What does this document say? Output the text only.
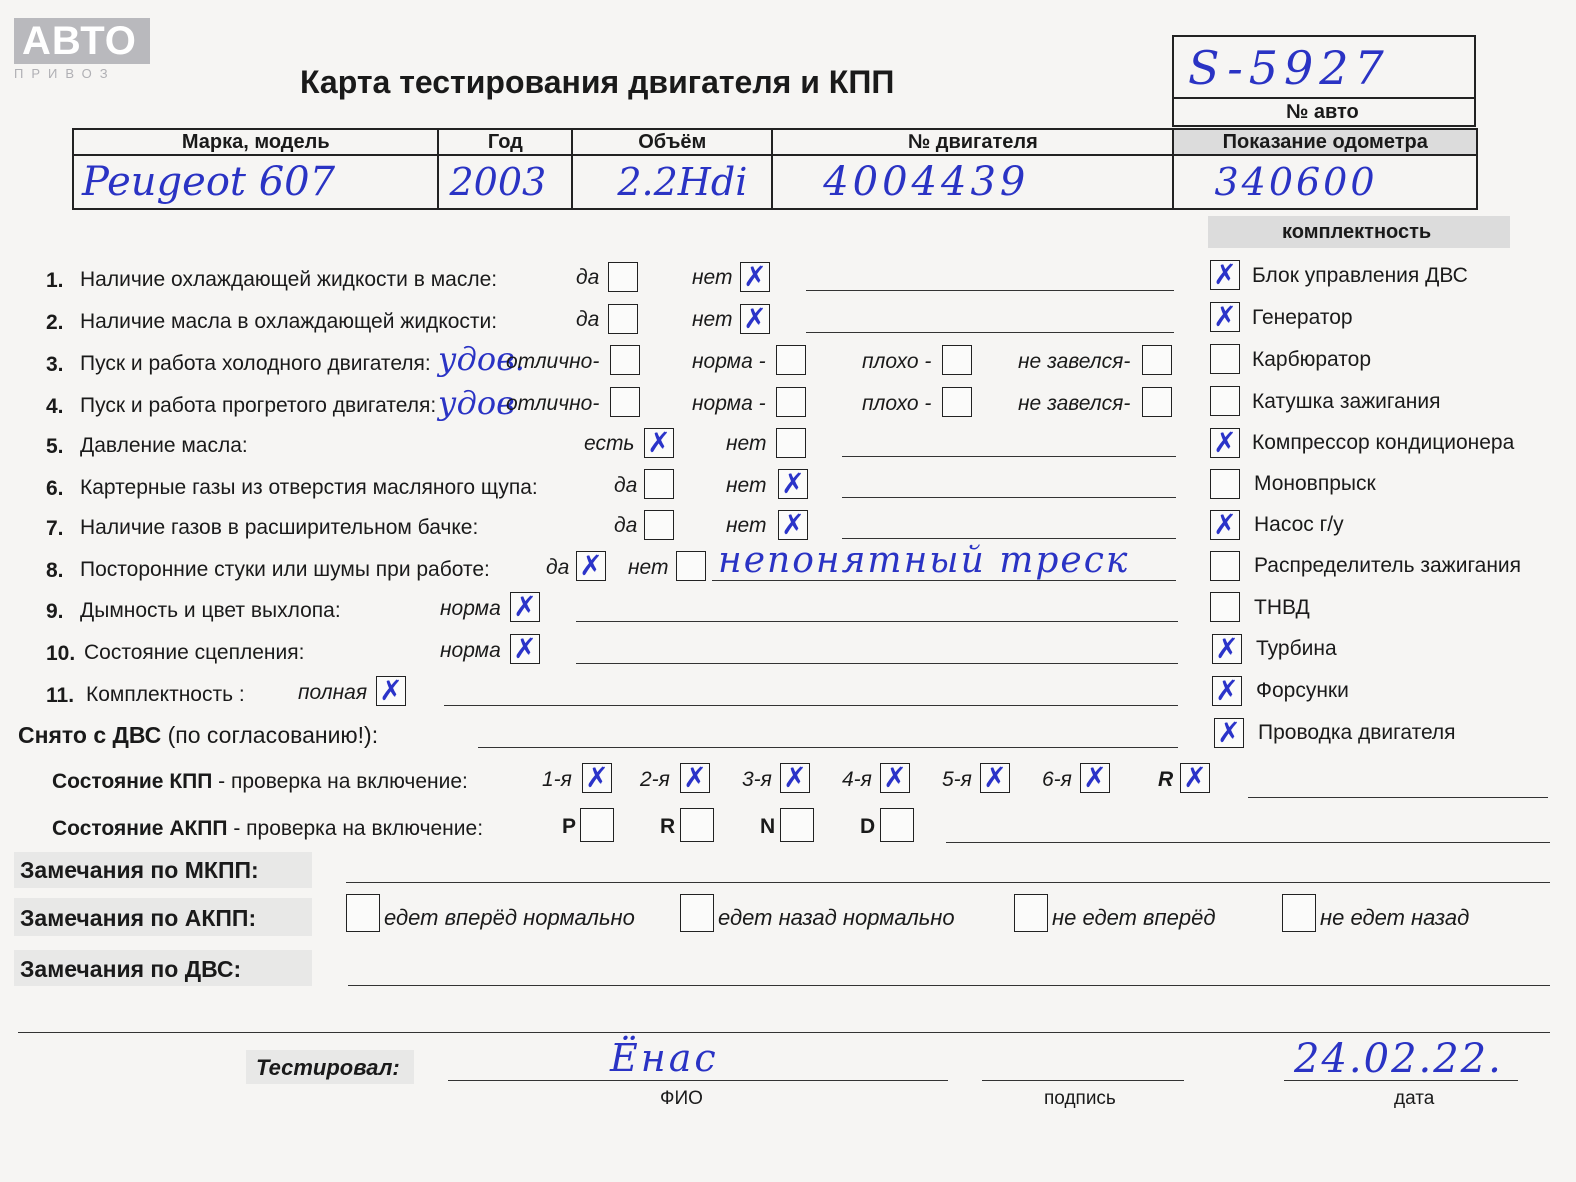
АВТО
ПРИВОЗ	Карта тестирования двигателя и КПП	S-5927
№ авто
Марка, модель	Год	Объём	№ двигателя	Показание одометра
Peugeot 607	2003	2.2Hdi	4004439	340600
комплектность
✗ Блок управления ДВС
✗ Генератор
Карбюратор
Катушка зажигания
✗ Компрессор кондиционера
Моновпрыск
✗ Насос г/у
Распределитель зажигания
ТНВД
✗ Турбина
✗ Форсунки
✗ Проводка двигателя
1. Наличие охлаждающей жидкости в масле:	да	нет ✗
2. Наличие масла в охлаждающей жидкости:	да	нет ✗
3. Пуск и работа холодного двигателя: удов.
отлично-	норма -	плохо -	не завелся-
4. Пуск и работа прогретого двигателя: удов
отлично-	норма -	плохо -	не завелся-
5. Давление масла:	есть ✗	нет
6. Картерные газы из отверстия масляного щупа:	да	нет ✗
7. Наличие газов в расширительном бачке:	да	нет ✗
8. Посторонние стуки или шумы при работе:	да ✗ нет непонятный треск
9. Дымность и цвет выхлопа:	норма ✗
10. Состояние сцепления:	норма ✗
11. Комплектность :	полная ✗
Снято с ДВС (по согласованию!):
Состояние КПП - проверка на включение:	1-я ✗ 2-я ✗ 3-я ✗ 4-я ✗ 5-я ✗ 6-я ✗ R ✗
Состояние АКПП - проверка на включение:	P	R	N	D
Замечания по МКПП:
Замечания по АКПП:	едет вперёд нормально	едет назад нормально	не едет вперёд	не едет назад
Замечания по ДВС:
Тестировал:	Ёнас
ФИО	подпись
24.02.22.
дата
